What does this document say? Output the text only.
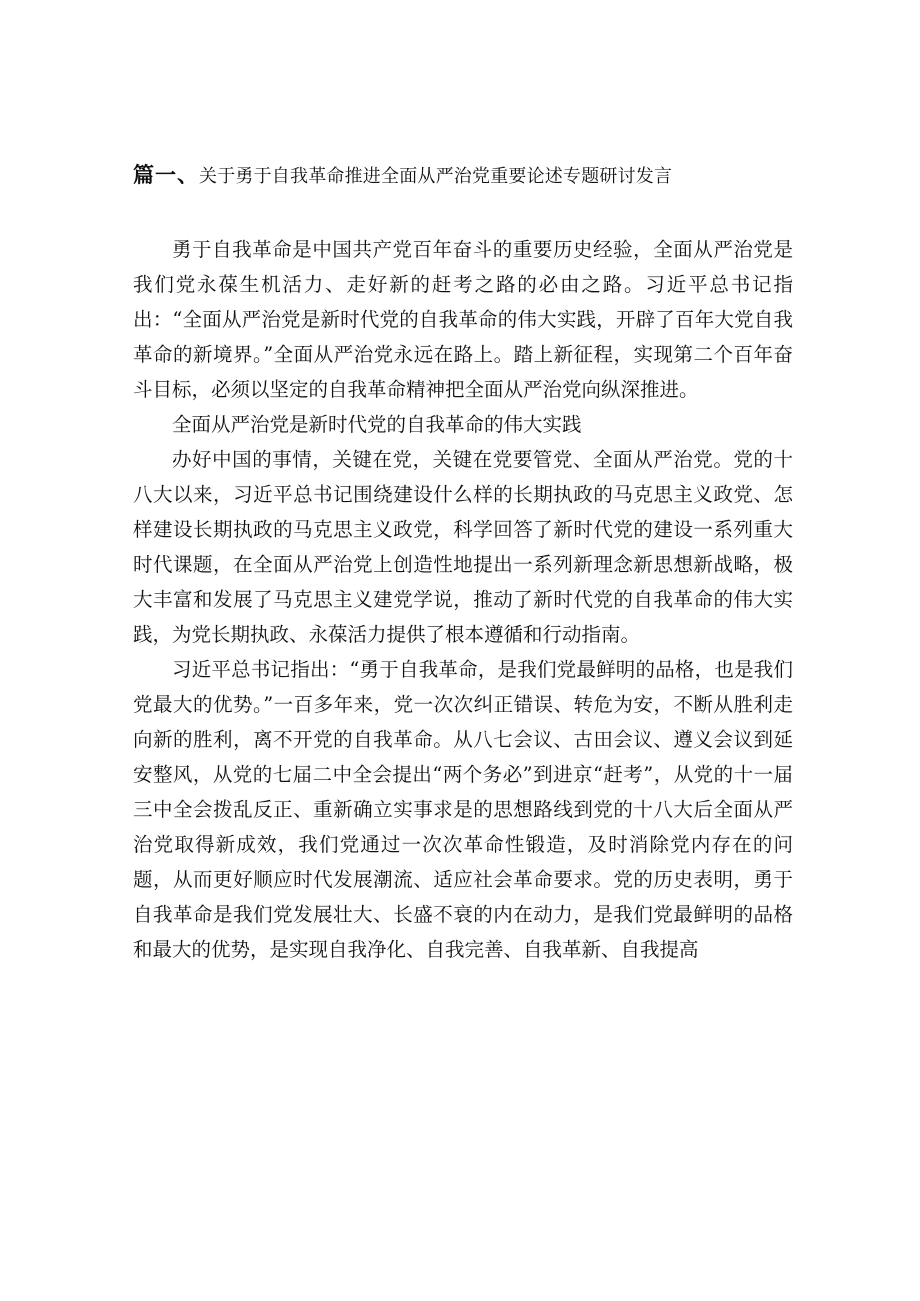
篇一、关于勇于自我革命推进全面从严治党重要论述专题研讨发言

勇于自我革命是中国共产党百年奋斗的重要历史经验，全面从严治党是我们党永葆生机活力、走好新的赶考之路的必由之路。习近平总书记指出：“全面从严治党是新时代党的自我革命的伟大实践，开辟了百年大党自我革命的新境界。”全面从严治党永远在路上。踏上新征程，实现第二个百年奋斗目标，必须以坚定的自我革命精神把全面从严治党向纵深推进。

全面从严治党是新时代党的自我革命的伟大实践

办好中国的事情，关键在党，关键在党要管党、全面从严治党。党的十八大以来，习近平总书记围绕建设什么样的长期执政的马克思主义政党、怎样建设长期执政的马克思主义政党，科学回答了新时代党的建设一系列重大时代课题，在全面从严治党上创造性地提出一系列新理念新思想新战略，极大丰富和发展了马克思主义建党学说，推动了新时代党的自我革命的伟大实践，为党长期执政、永葆活力提供了根本遵循和行动指南。

习近平总书记指出：“勇于自我革命，是我们党最鲜明的品格，也是我们党最大的优势。”一百多年来，党一次次纠正错误、转危为安，不断从胜利走向新的胜利，离不开党的自我革命。从八七会议、古田会议、遵义会议到延安整风，从党的七届二中全会提出“两个务必”到进京“赶考”，从党的十一届三中全会拨乱反正、重新确立实事求是的思想路线到党的十八大后全面从严治党取得新成效，我们党通过一次次革命性锻造，及时消除党内存在的问题，从而更好顺应时代发展潮流、适应社会革命要求。党的历史表明，勇于自我革命是我们党发展壮大、长盛不衰的内在动力，是我们党最鲜明的品格和最大的优势，是实现自我净化、自我完善、自我革新、自我提高
